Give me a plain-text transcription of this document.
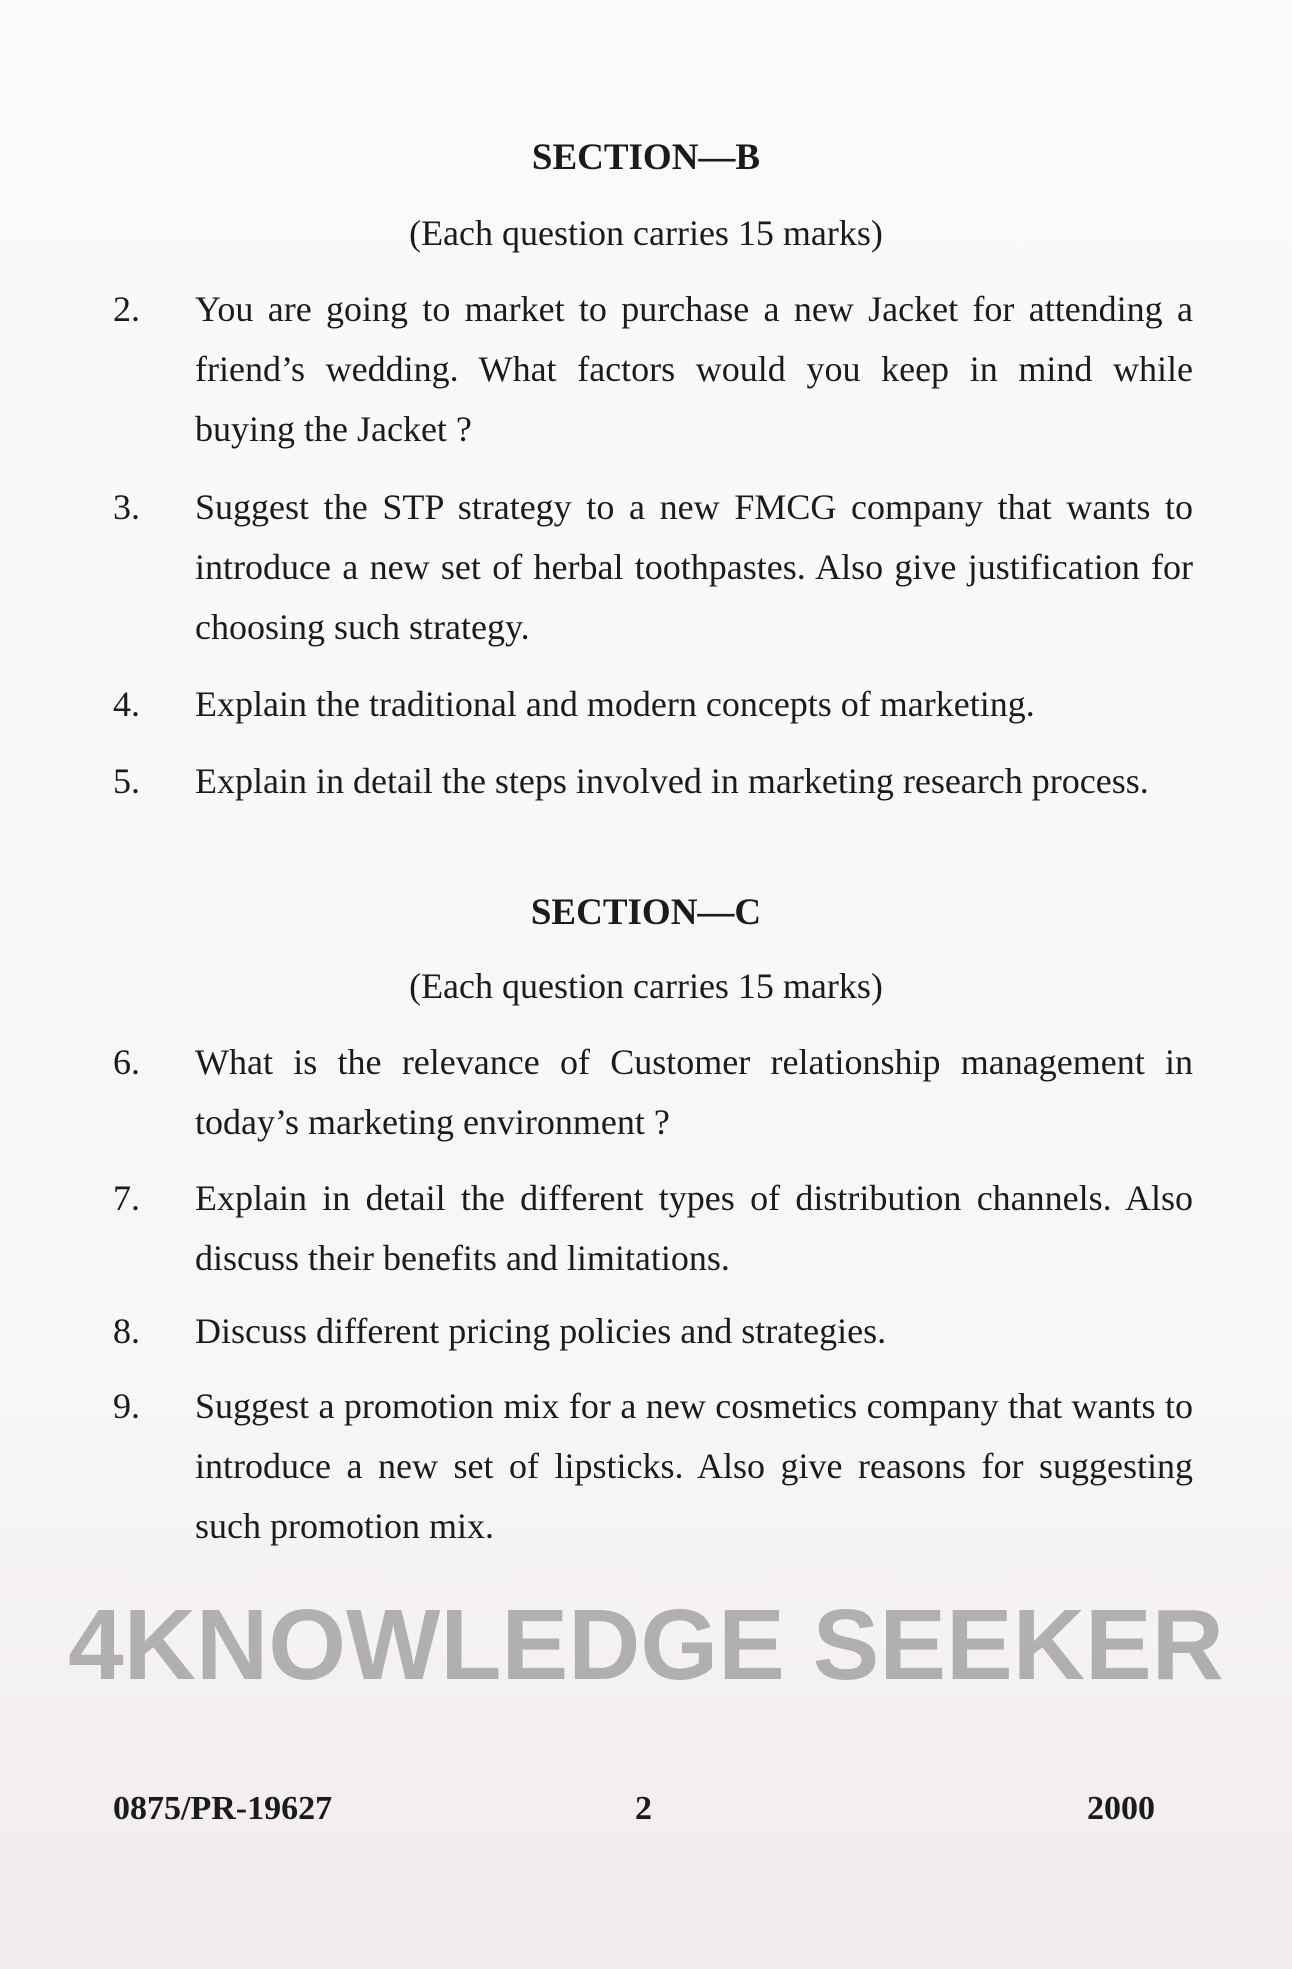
SECTION—B
(Each question carries 15 marks)
2. You are going to market to purchase a new Jacket for attending a friend’s wedding. What factors would you keep in mind while buying the Jacket ?
3. Suggest the STP strategy to a new FMCG company that wants to introduce a new set of herbal toothpastes. Also give justification for choosing such strategy.
4. Explain the traditional and modern concepts of marketing.
5. Explain in detail the steps involved in marketing research process.
SECTION—C
(Each question carries 15 marks)
6. What is the relevance of Customer relationship management in today’s marketing environment ?
7. Explain in detail the different types of distribution channels. Also discuss their benefits and limitations.
8. Discuss different pricing policies and strategies.
9. Suggest a promotion mix for a new cosmetics company that wants to introduce a new set of lipsticks. Also give reasons for suggesting such promotion mix.
4KNOWLEDGE SEEKER
0875/PR-19627	2	2000
